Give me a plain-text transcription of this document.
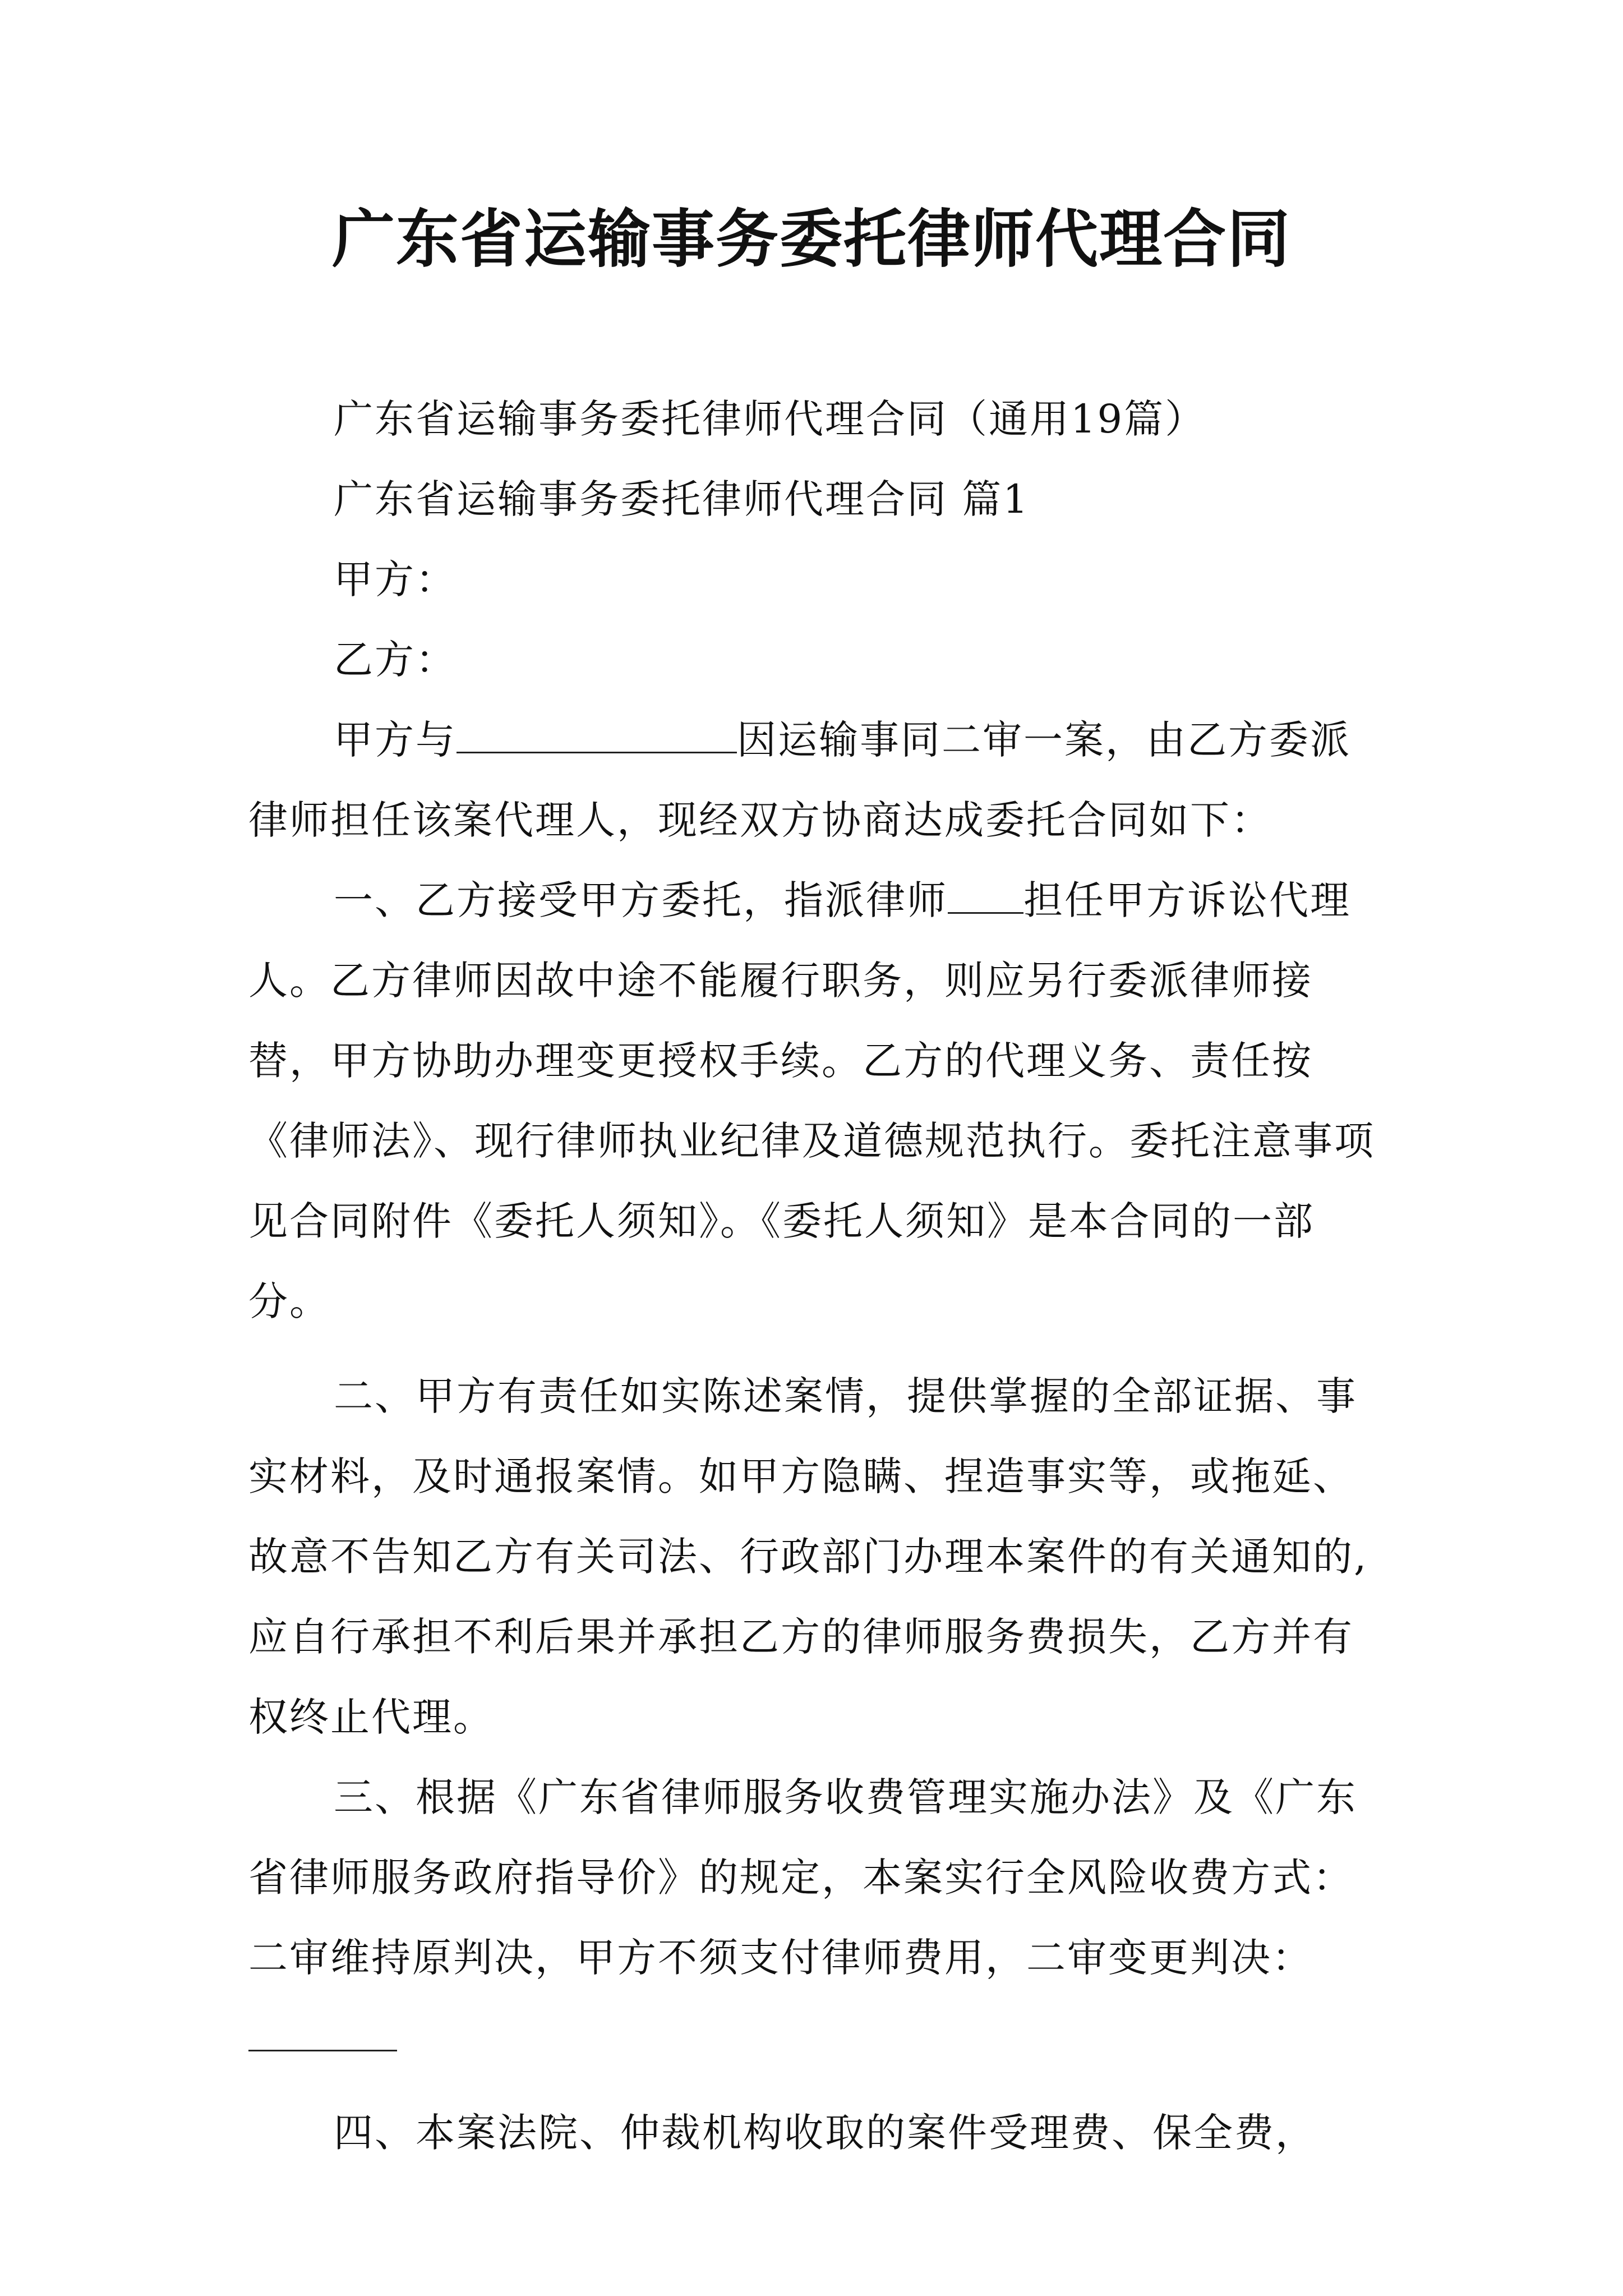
广东省运输事务委托律师代理合同

广东省运输事务委托律师代理合同（通用19篇）

广东省运输事务委托律师代理合同 篇1

甲方：

乙方：

甲方与	因运输事同二审一案，由乙方委派律师担任该案代理人，现经双方协商达成委托合同如下：

一、乙方接受甲方委托，指派律师 担任甲方诉讼代理人。乙方律师因故中途不能履行职务，则应另行委派律师接替，甲方协助办理变更授权手续。乙方的代理义务、责任按《律师法》、现行律师执业纪律及道德规范执行。委托注意事项见合同附件《委托人须知》。《委托人须知》是本合同的一部分。

二、甲方有责任如实陈述案情，提供掌握的全部证据、事实材料，及时通报案情。如甲方隐瞒、捏造事实等，或拖延、故意不告知乙方有关司法、行政部门办理本案件的有关通知的,应自行承担不利后果并承担乙方的律师服务费损失，乙方并有权终止代理。

三、根据《广东省律师服务收费管理实施办法》及《广东省律师服务政府指导价》的规定，本案实行全风险收费方式：二审维持原判决，甲方不须支付律师费用，二审变更判决：

四、本案法院、仲裁机构收取的案件受理费、保全费，
